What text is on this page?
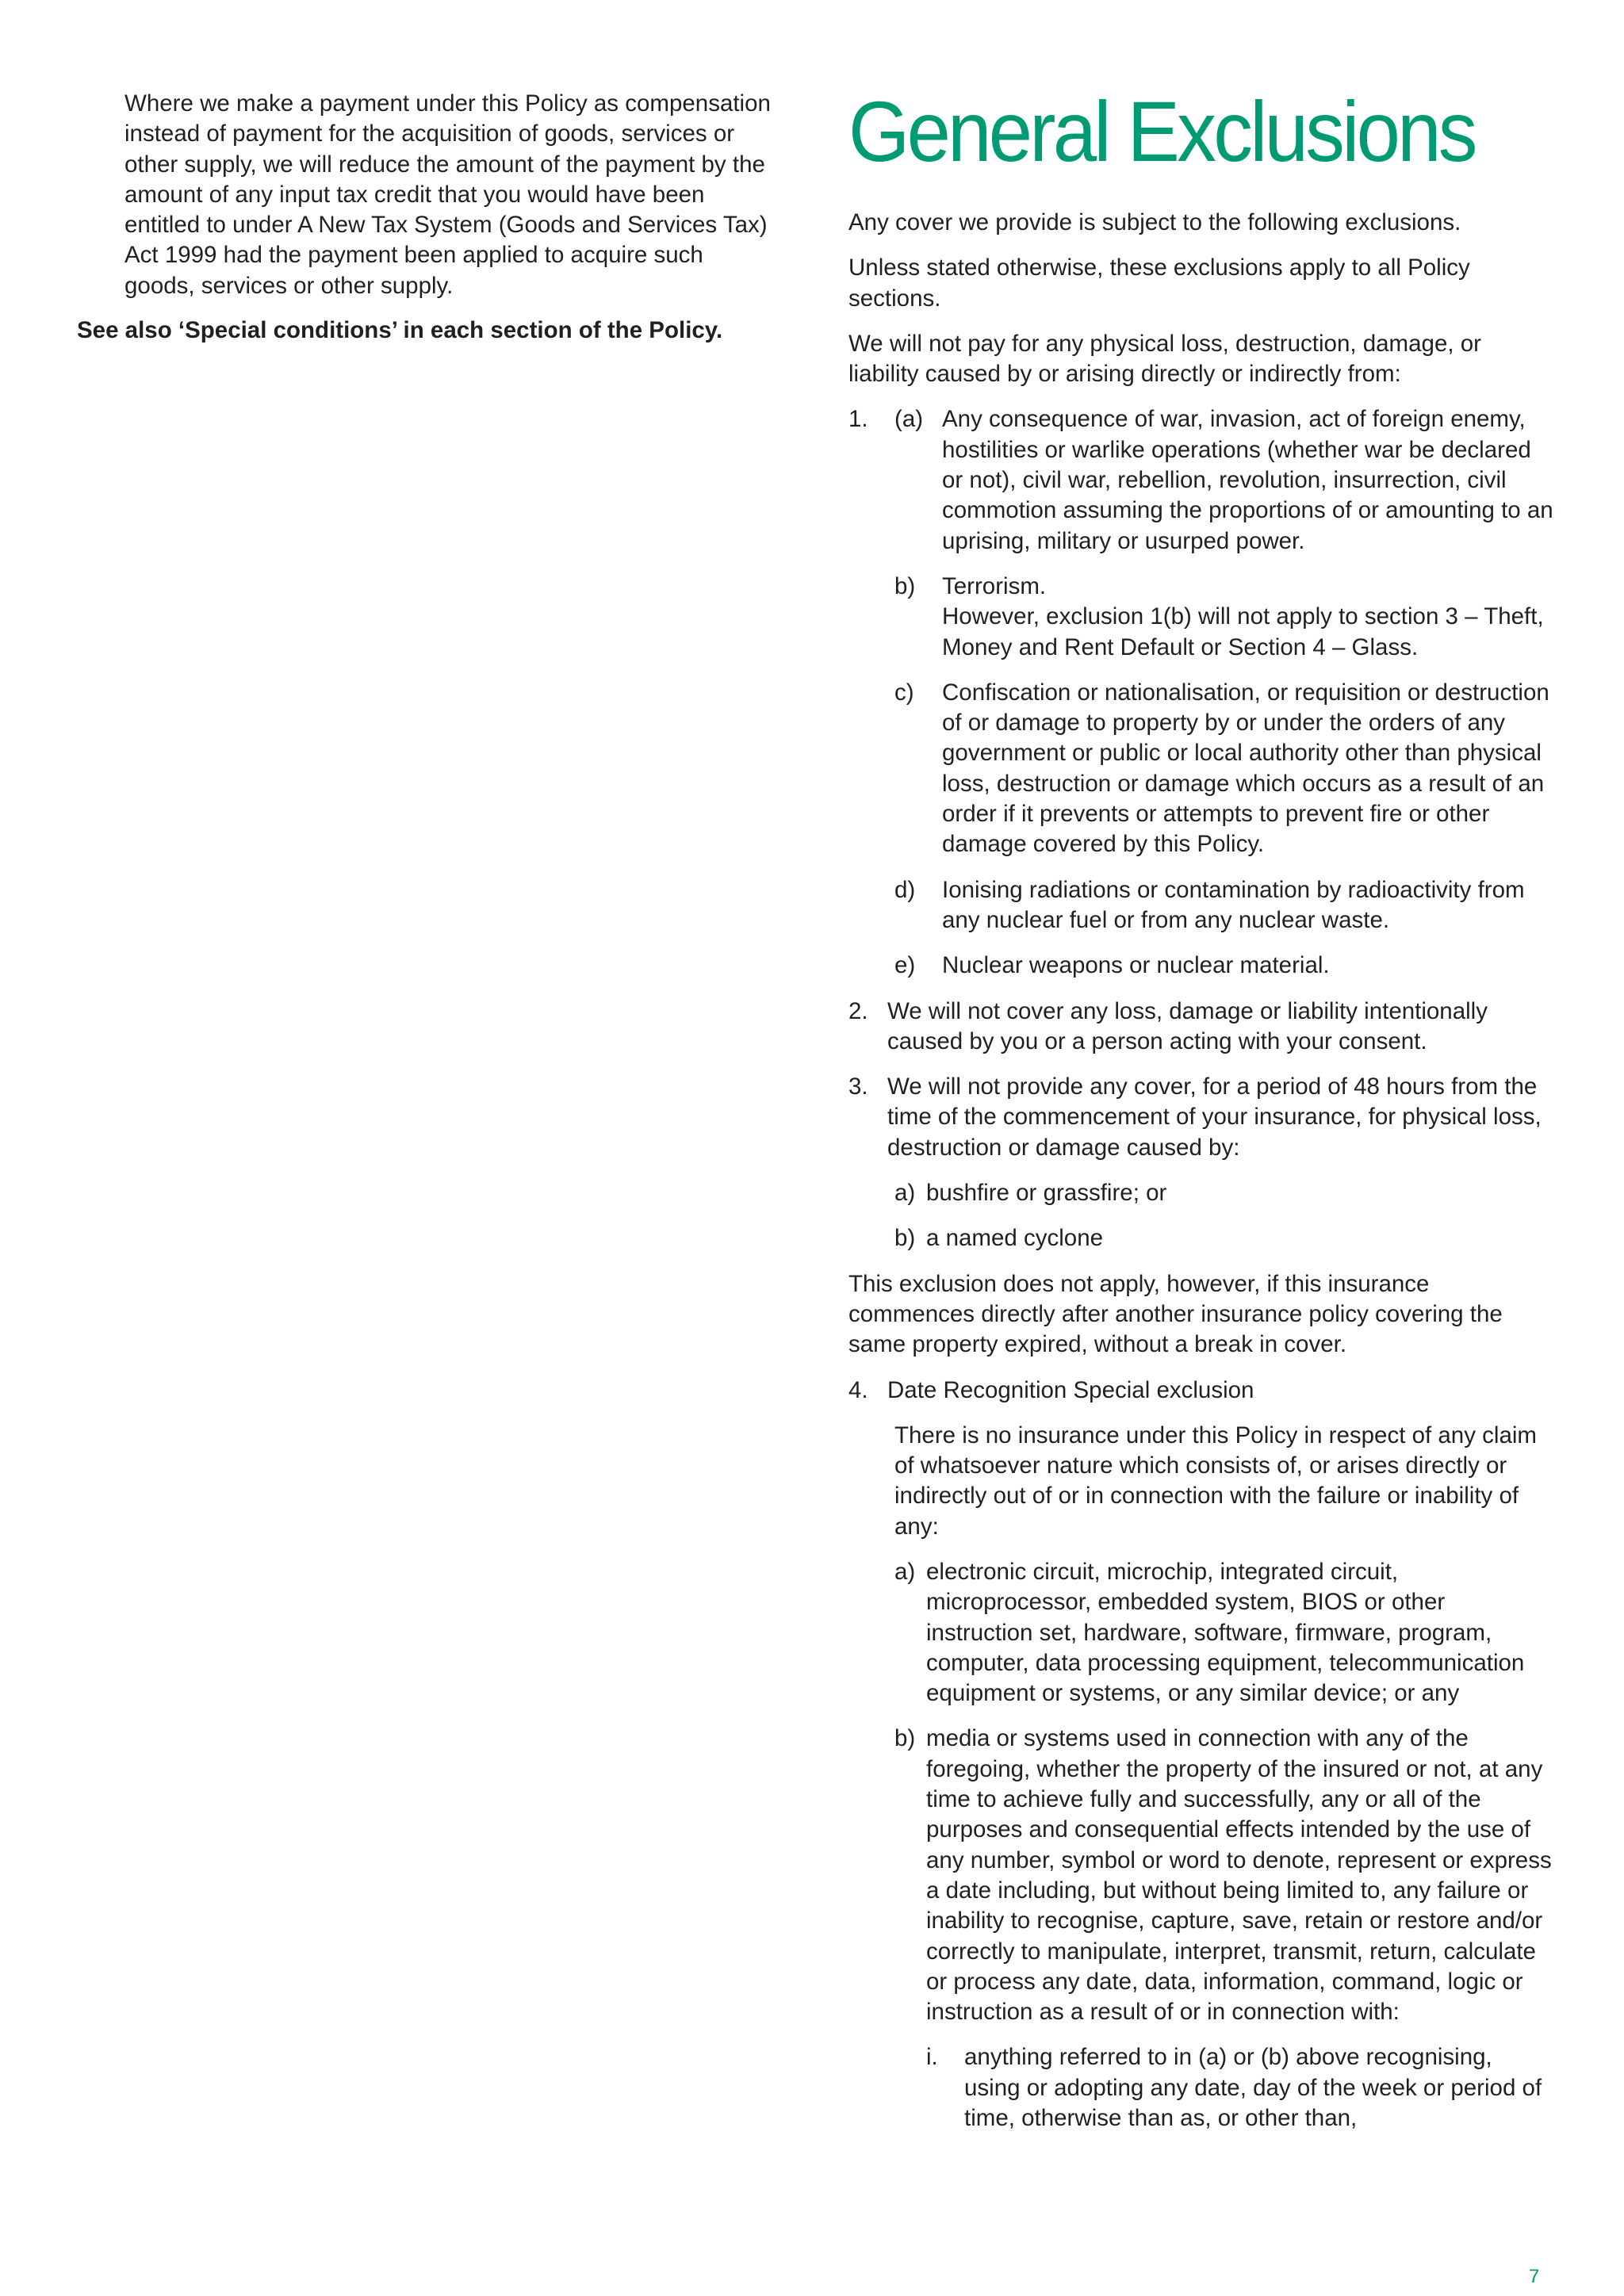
Where we make a payment under this Policy as compensation instead of payment for the acquisition of goods, services or other supply, we will reduce the amount of the payment by the amount of any input tax credit that you would have been entitled to under A New Tax System (Goods and Services Tax) Act 1999 had the payment been applied to acquire such goods, services or other supply.

See also ‘Special conditions’ in each section of the Policy.

General Exclusions

Any cover we provide is subject to the following exclusions.

Unless stated otherwise, these exclusions apply to all Policy sections.

We will not pay for any physical loss, destruction, damage, or liability caused by or arising directly or indirectly from:

1. (a) Any consequence of war, invasion, act of foreign enemy, hostilities or warlike operations (whether war be declared or not), civil war, rebellion, revolution, insurrection, civil commotion assuming the proportions of or amounting to an uprising, military or usurped power.

b)	Terrorism.

However, exclusion 1(b) will not apply to section 3 – Theft, Money and Rent Default or Section 4 – Glass.

c)	Confiscation or nationalisation, or requisition or destruction of or damage to property by or under the orders of any government or public or local authority other than physical loss, destruction or damage which occurs as a result of an order if it prevents or attempts to prevent fire or other damage covered by this Policy.

d)	Ionising radiations or contamination by radioactivity from any nuclear fuel or from any nuclear waste.

e)	Nuclear weapons or nuclear material.

2. We will not cover any loss, damage or liability intentionally caused by you or a person acting with your consent.

3. We will not provide any cover, for a period of 48 hours from the time of the commencement of your insurance, for physical loss, destruction or damage caused by:

a) bushfire or grassfire; or

b) a named cyclone

This exclusion does not apply, however, if this insurance commences directly after another insurance policy covering the same property expired, without a break in cover.

4. Date Recognition Special exclusion

There is no insurance under this Policy in respect of any claim of whatsoever nature which consists of, or arises directly or indirectly out of or in connection with the failure or inability of any:

a) electronic circuit, microchip, integrated circuit, microprocessor, embedded system, BIOS or other instruction set, hardware, software, firmware, program, computer, data processing equipment, telecommunication equipment or systems, or any similar device; or any

b) media or systems used in connection with any of the foregoing, whether the property of the insured or not, at any time to achieve fully and successfully, any or all of the purposes and consequential effects intended by the use of any number, symbol or word to denote, represent or express a date including, but without being limited to, any failure or inability to recognise, capture, save, retain or restore and/or correctly to manipulate, interpret, transmit, return, calculate or process any date, data, information, command, logic or instruction as a result of or in connection with:

i.	anything referred to in (a) or (b) above recognising, using or adopting any date, day of the week or period of time, otherwise than as, or other than,

7
